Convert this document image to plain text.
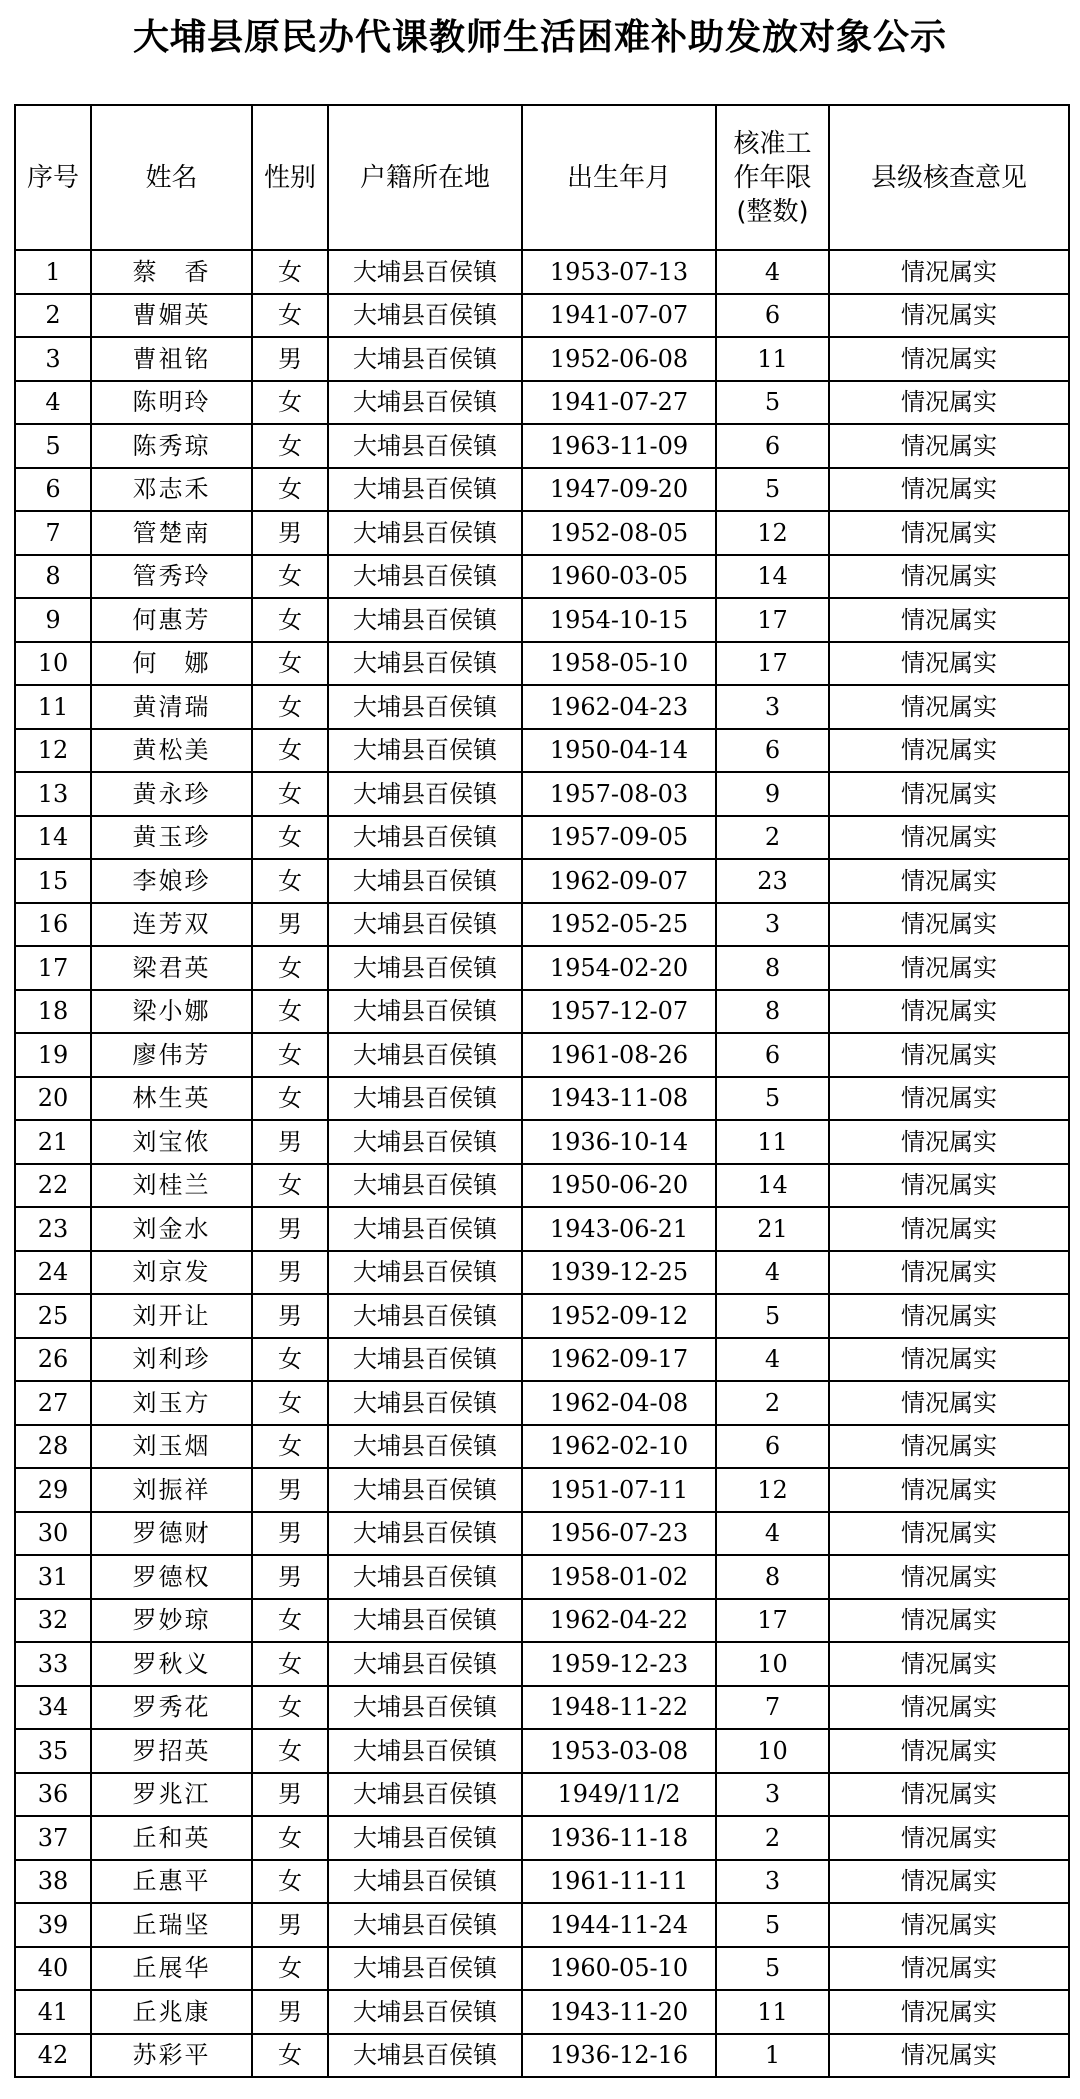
大埔县原民办代课教师生活困难补助发放对象公示
序号	姓名	性别	户籍所在地	出生年月	核准工作年限(整数)	县级核查意见
1	蔡　香	女	大埔县百侯镇	1953-07-13	4	情况属实
2	曹媚英	女	大埔县百侯镇	1941-07-07	6	情况属实
3	曹祖铭	男	大埔县百侯镇	1952-06-08	11	情况属实
4	陈明玲	女	大埔县百侯镇	1941-07-27	5	情况属实
5	陈秀琼	女	大埔县百侯镇	1963-11-09	6	情况属实
6	邓志禾	女	大埔县百侯镇	1947-09-20	5	情况属实
7	管楚南	男	大埔县百侯镇	1952-08-05	12	情况属实
8	管秀玲	女	大埔县百侯镇	1960-03-05	14	情况属实
9	何惠芳	女	大埔县百侯镇	1954-10-15	17	情况属实
10	何　娜	女	大埔县百侯镇	1958-05-10	17	情况属实
11	黄清瑞	女	大埔县百侯镇	1962-04-23	3	情况属实
12	黄松美	女	大埔县百侯镇	1950-04-14	6	情况属实
13	黄永珍	女	大埔县百侯镇	1957-08-03	9	情况属实
14	黄玉珍	女	大埔县百侯镇	1957-09-05	2	情况属实
15	李娘珍	女	大埔县百侯镇	1962-09-07	23	情况属实
16	连芳双	男	大埔县百侯镇	1952-05-25	3	情况属实
17	梁君英	女	大埔县百侯镇	1954-02-20	8	情况属实
18	梁小娜	女	大埔县百侯镇	1957-12-07	8	情况属实
19	廖伟芳	女	大埔县百侯镇	1961-08-26	6	情况属实
20	林生英	女	大埔县百侯镇	1943-11-08	5	情况属实
21	刘宝侬	男	大埔县百侯镇	1936-10-14	11	情况属实
22	刘桂兰	女	大埔县百侯镇	1950-06-20	14	情况属实
23	刘金水	男	大埔县百侯镇	1943-06-21	21	情况属实
24	刘京发	男	大埔县百侯镇	1939-12-25	4	情况属实
25	刘开让	男	大埔县百侯镇	1952-09-12	5	情况属实
26	刘利珍	女	大埔县百侯镇	1962-09-17	4	情况属实
27	刘玉方	女	大埔县百侯镇	1962-04-08	2	情况属实
28	刘玉烟	女	大埔县百侯镇	1962-02-10	6	情况属实
29	刘振祥	男	大埔县百侯镇	1951-07-11	12	情况属实
30	罗德财	男	大埔县百侯镇	1956-07-23	4	情况属实
31	罗德权	男	大埔县百侯镇	1958-01-02	8	情况属实
32	罗妙琼	女	大埔县百侯镇	1962-04-22	17	情况属实
33	罗秋义	女	大埔县百侯镇	1959-12-23	10	情况属实
34	罗秀花	女	大埔县百侯镇	1948-11-22	7	情况属实
35	罗招英	女	大埔县百侯镇	1953-03-08	10	情况属实
36	罗兆江	男	大埔县百侯镇	1949/11/2	3	情况属实
37	丘和英	女	大埔县百侯镇	1936-11-18	2	情况属实
38	丘惠平	女	大埔县百侯镇	1961-11-11	3	情况属实
39	丘瑞坚	男	大埔县百侯镇	1944-11-24	5	情况属实
40	丘展华	女	大埔县百侯镇	1960-05-10	5	情况属实
41	丘兆康	男	大埔县百侯镇	1943-11-20	11	情况属实
42	苏彩平	女	大埔县百侯镇	1936-12-16	1	情况属实
